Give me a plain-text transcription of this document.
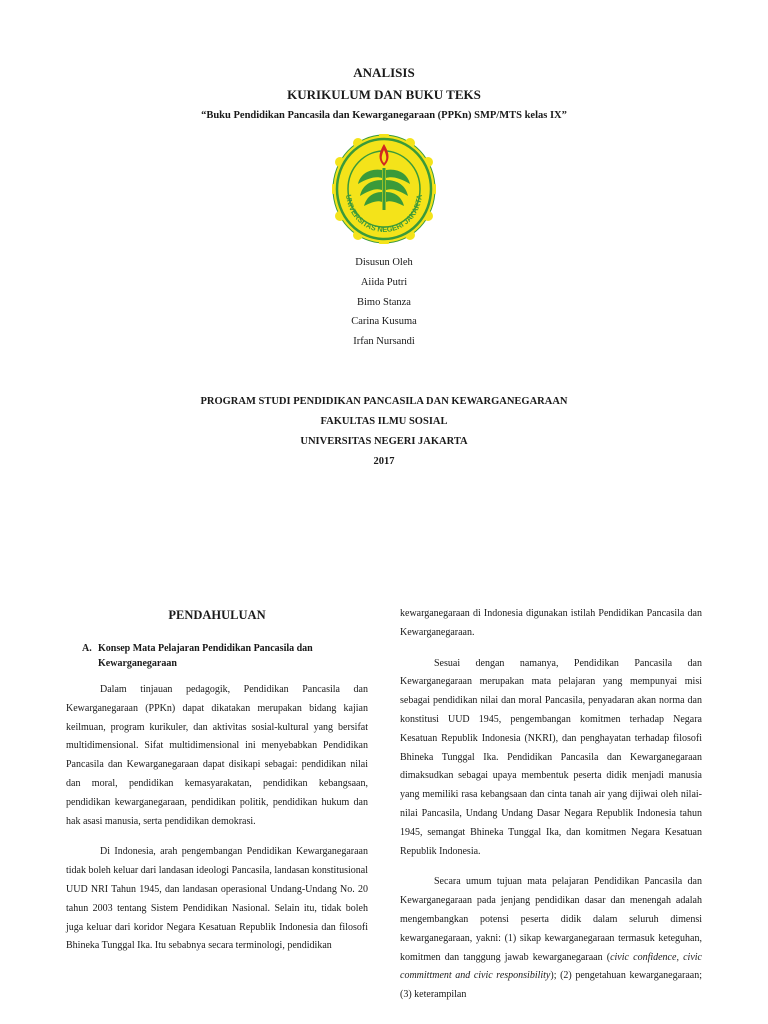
ANALISIS
KURIKULUM DAN BUKU TEKS
“Buku Pendidikan Pancasila dan Kewarganegaraan (PPKn) SMP/MTS kelas IX”
UNIVERSITAS NEGERI JAKARTA
Disusun Oleh
Aiida Putri
Bimo Stanza
Carina Kusuma
Irfan Nursandi
PROGRAM STUDI PENDIDIKAN PANCASILA DAN KEWARGANEGARAAN
FAKULTAS ILMU SOSIAL
UNIVERSITAS NEGERI JAKARTA
2017
PENDAHULUAN
A. Konsep Mata Pelajaran Pendidikan Pancasila dan Kewarganegaraan

Dalam tinjauan pedagogik, Pendidikan Pancasila dan Kewarganegaraan (PPKn) dapat dikatakan merupakan bidang kajian keilmuan, program kurikuler, dan aktivitas sosial-kultural yang bersifat multidimensional. Sifat multidimensional ini menyebabkan Pendidikan Pancasila dan Kewarganegaraan dapat disikapi sebagai: pendidikan nilai dan moral, pendidikan kemasyarakatan, pendidikan kebangsaan, pendidikan kewarganegaraan, pendidikan politik, pendidikan hukum dan hak asasi manusia, serta pendidikan demokrasi.

Di Indonesia, arah pengembangan Pendidikan Kewarganegaraan tidak boleh keluar dari landasan ideologi Pancasila, landasan konstitusional UUD NRI Tahun 1945, dan landasan operasional Undang-Undang No. 20 tahun 2003 tentang Sistem Pendidikan Nasional. Selain itu, tidak boleh juga keluar dari koridor Negara Kesatuan Republik Indonesia dan filosofi Bhineka Tunggal Ika. Itu sebabnya secara terminologi, pendidikan

kewarganegaraan di Indonesia digunakan istilah Pendidikan Pancasila dan Kewarganegaraan.

Sesuai dengan namanya, Pendidikan Pancasila dan Kewarganegaraan merupakan mata pelajaran yang mempunyai misi sebagai pendidikan nilai dan moral Pancasila, penyadaran akan norma dan konstitusi UUD 1945, pengembangan komitmen terhadap Negara Kesatuan Republik Indonesia (NKRI), dan penghayatan terhadap filosofi Bhineka Tunggal Ika. Pendidikan Pancasila dan Kewarganegaraan dimaksudkan sebagai upaya membentuk peserta didik menjadi manusia yang memiliki rasa kebangsaan dan cinta tanah air yang dijiwai oleh nilai-nilai Pancasila, Undang Undang Dasar Negara Republik Indonesia tahun 1945, semangat Bhineka Tunggal Ika, dan komitmen Negara Kesatuan Republik Indonesia.

Secara umum tujuan mata pelajaran Pendidikan Pancasila dan Kewarganegaraan pada jenjang pendidikan dasar dan menengah adalah mengembangkan potensi peserta didik dalam seluruh dimensi kewarganegaraan, yakni: (1) sikap kewarganegaraan termasuk keteguhan, komitmen dan tanggung jawab kewarganegaraan (civic confidence, civic committment and civic responsibility); (2) pengetahuan kewarganegaraan; (3) keterampilan
